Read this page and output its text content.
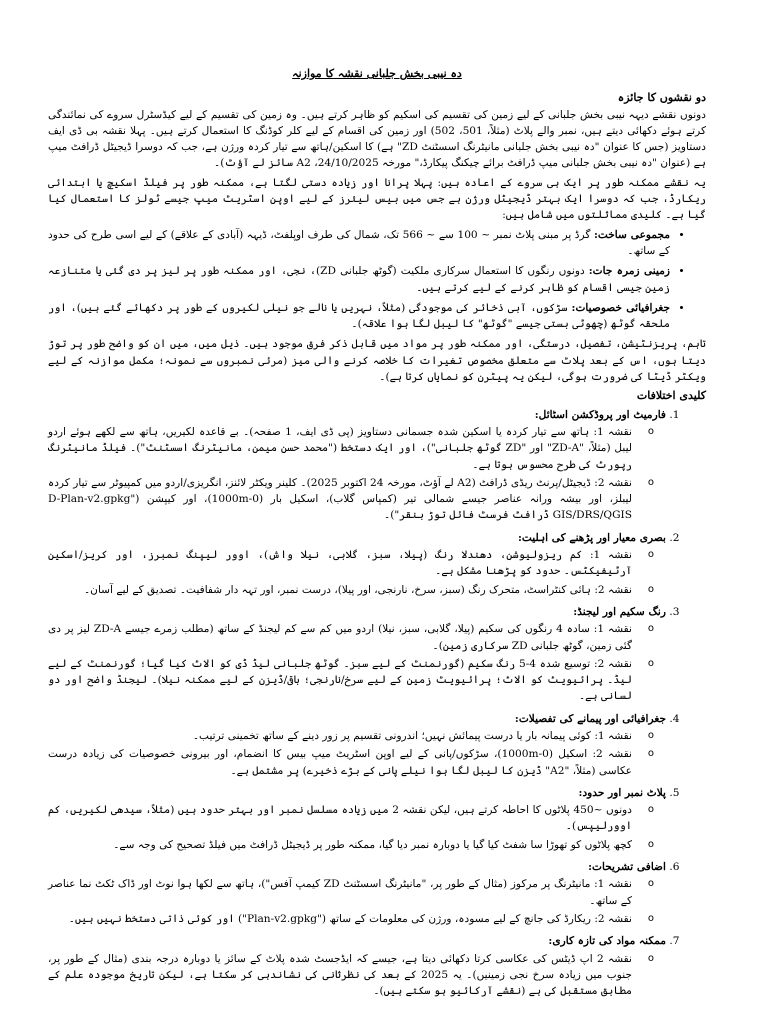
دہ نیبی بخش جلبانی نقشہ کا موازنہ
دو نقشوں کا جائزہ

دونوں نقشے دیہہ نیبی بخش جلبانی کے لیے زمین کی تقسیم کی اسکیم کو ظاہر کرتے ہیں۔ وہ زمین کی تقسیم کے لیے کیڈسٹرل سروے کی نمائندگی کرتے ہوئے دکھائی دیتے ہیں، نمبر والے پلاٹ (مثلاً، 501، 502) اور زمین کی اقسام کے لیے کلر کوڈنگ کا استعمال کرتے ہیں۔ پہلا نقشہ بی ڈی ایف دستاویز (جس کا عنوان "دہ نیبی بخش جلبانی مانیٹرنگ اسسٹنٹ ZD" ہے) کا اسکین/ہاتھ سے تیار کردہ ورژن ہے، جب کہ دوسرا ڈیجیٹل ڈرافٹ میپ ہے (عنوان "دہ نیبی بخش جلبانی میپ ڈرافٹ برائے چیکنگ پیکارڈ،" مورخہ 24/10/2025، A2 سائز لے آؤٹ)۔

یہ نقشے ممکنہ طور پر ایک ہی سروے کے اعادہ ہیں: پہلا پرانا اور زیادہ دستی لگتا ہے، ممکنہ طور پر فیلڈ اسکیچ یا ابتدائی ریکارڈ، جب کہ دوسرا ایک بہتر ڈیجیٹل ورژن ہے جس میں بیس لیئرز کے لیے اوپن اسٹریٹ میپ جیسے ٹولز کا استعمال کیا گیا ہے۔ کلیدی مماثلتوں میں شامل ہیں:

• مجموعی ساخت: گرڈ پر مبنی پلاٹ نمبر ~ 100 سے ~ 566 تک، شمال کی طرف اوپلفٹ، ڈیہہ (آبادی کے علاقے) کے لیے اسی طرح کی حدود کے ساتھ۔
• زمینی زمرہ جات: دونوں رنگوں کا استعمال سرکاری ملکیت (گوٹھ جلبانی ZD)، نجی، اور ممکنہ طور پر لیز پر دی گئی یا متنازعہ زمین جیسی اقسام کو ظاہر کرنے کے لیے کرتے ہیں۔
• جغرافیائی خصوصیات: سڑکوں، آبی ذخائر کی موجودگی (مثلاً، نہریں یا نالے جو نیلی لکیروں کے طور پر دکھائے گئے ہیں)، اور ملحقہ گوٹھ (چھوٹی بستی جیسے "گوٹھ" کا لیبل لگا ہوا علاقہ)۔

تاہم، پریزنٹیشن، تفصیل، درستگی، اور ممکنہ طور پر مواد میں قابل ذکر فرق موجود ہیں۔ ذیل میں، میں ان کو واضح طور پر توڑ دیتا ہوں، اس کے بعد پلاٹ سے متعلق مخصوص تغیرات کا خلاصہ کرنے والی میز (مرئی نمبروں سے نمونہ؛ مکمل موازنہ کے لیے ویکٹر ڈیٹا کی ضرورت ہوگی، لیکن یہ پیٹرن کو نمایاں کرتا ہے)۔

کلیدی اختلافات
1. فارمیٹ اور پروڈکشن اسٹائل:
o نقشہ 1: ہاتھ سے تیار کردہ یا اسکین شدہ جسمانی دستاویز (پی ڈی ایف، 1 صفحہ)۔ بے قاعدہ لکیریں، ہاتھ سے لکھے ہوئے اردو لیبل (مثلاً، "ZD-A" اور "ZD گوٹھ جلبانی")، اور ایک دستخط ("محمد حسن میمن، مانیٹرنگ اسسٹنٹ")۔ فیلڈ مانیٹرنگ رپورٹ کی طرح محسوس ہوتا ہے۔
o نقشہ 2: ڈیجیٹل/پرنٹ ریڈی ڈرافٹ (A2 لے آؤٹ، مورخہ 24 اکتوبر 2025)۔ کلینر ویکٹر لائنز، انگریزی/اردو میں کمپیوٹر سے تیار کردہ لیبلز، اور بیشہ ورانہ عناصر جیسے شمالی تیر (کمپاس گلاب)، اسکیل بار (0-1000m)، اور کیپشن ("D-Plan-v2.gpkg GIS/DRS/QGIS ڈرافٹ فرسٹ فائل توڑ بنقر")۔
2. بصری معیار اور پڑھنے کی اہلیت:
o نقشہ 1: کم ریزولیوشن، دھندلا رنگ (پیلا، سبز، گلابی، نیلا واش)، اوور لیپنگ نمبرز، اور کریز/اسکین آرٹیفیکٹس۔ حدود کو پڑھنا مشکل ہے۔
o نقشہ 2: ہائی کنٹراسٹ، متحرک رنگ (سبز، سرخ، نارنجی، اور پیلا)، درست نمبر، اور تہہ دار شفافیت۔ تصدیق کے لیے آسان۔
3. رنگ سکیم اور لیجنڈ:
o نقشہ 1: سادہ 4 رنگوں کی سکیم (پیلا، گلابی، سبز، نیلا) اردو میں کم سے کم لیجنڈ کے ساتھ (مطلب زمرے جیسے ZD-A لیز پر دی گئی زمین، گوٹھ جلبانی ZD سرکاری زمین)۔
o نقشہ 2: توسیع شدہ 4-5 رنگ سکیم (گورنمنٹ کے لیے سبز۔ گوٹھ جلبانی لیڈ ڈی کو الاٹ کیا گیا؛ گورنمنٹ کے لیے لیڈ۔ پرائیویٹ کو الاٹ؛ پرائیویٹ زمین کے لیے سرخ/نارنجی؛ باقی/ڈیزن کے لیے ممکنہ نیلا)۔ لیجنڈ واضح اور دو لسانی ہے۔
4. جغرافیائی اور پیمانے کی تفصیلات:
o نقشہ 1: کوئی پیمانہ بار یا درست پیمائش نہیں؛ اندرونی تقسیم پر زور دینے کے ساتھ تخمینی ترتیب۔
o نقشہ 2: اسکیل (0-1000m)، سڑکوں/پانی کے لیے اوپن اسٹریٹ میپ بیس کا انضمام، اور بیرونی خصوصیات کی زیادہ درست عکاسی (مثلاً، "A2" ڈیزن کا لیبل لگا ہوا نیلے پانی کے بڑے ذخیرے) پر مشتمل ہے۔
5. پلاٹ نمبر اور حدود:
o دونوں ~450 پلاٹوں کا احاطہ کرتے ہیں، لیکن نقشہ 2 میں زیادہ مسلسل نمبر اور بہتر حدود ہیں (مثلاً، سیدھی لکیریں، کم اوورلیپس)۔
o کچھ پلاٹوں کو تھوڑا سا شفٹ کیا گیا یا دوبارہ نمبر دیا گیا، ممکنہ طور پر ڈیجیٹل ڈرافٹ میں فیلڈ تصحیح کی وجہ سے۔
6. اضافی تشریحات:
o نقشہ 1: مانیٹرنگ پر مرکوز (مثال کے طور پر، "مانیٹرنگ اسسٹنٹ ZD کیمپ آفس")، ہاتھ سے لکھا ہوا نوٹ اور ڈاک ٹکٹ نما عناصر کے ساتھ۔
o نقشہ 2: ریکارڈ کی جانچ کے لیے مسودہ، ورژن کی معلومات کے ساتھ ("Plan-v2.gpkg") اور کوئی ذاتی دستخط نہیں ہیں۔
7. ممکنہ مواد کی تازہ کاری:
o نقشہ 2 اپ ڈیٹس کی عکاسی کرتا دکھائی دیتا ہے، جیسے کہ ایڈجسٹ شدہ پلاٹ کے سائز یا دوبارہ درجہ بندی (مثال کے طور پر، جنوب میں زیادہ سرخ نجی زمینیں)۔ یہ 2025 کے بعد کی نظرثانی کی نشاندہی کر سکتا ہے، لیکن تاریخ موجودہ علم کے مطابق مستقبل کی ہے (نقشے آرکائیو ہو سکتے ہیں)۔
